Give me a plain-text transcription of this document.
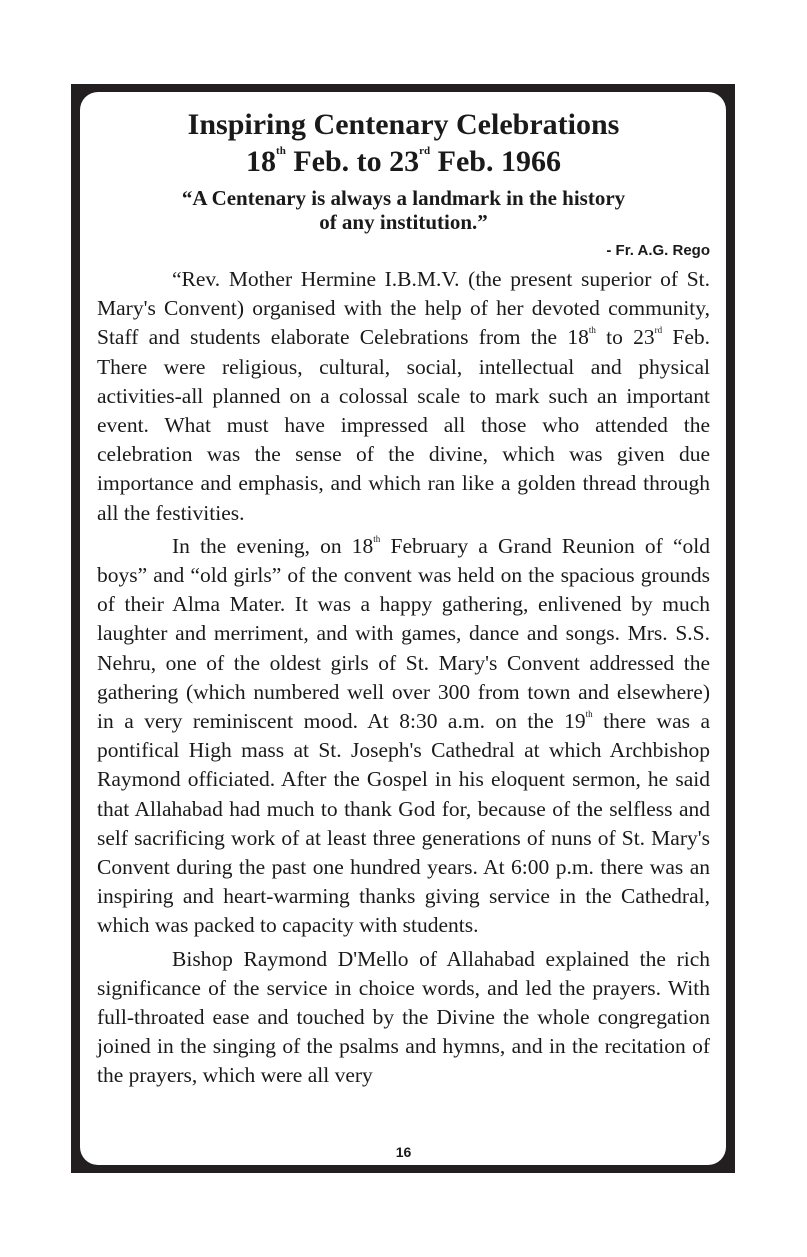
Inspiring Centenary Celebrations
18th Feb. to 23rd Feb. 1966

“A Centenary is always a landmark in the history
of any institution.”

- Fr. A.G. Rego

“Rev. Mother Hermine I.B.M.V. (the present superior of St. Mary's Convent) organised with the help of her devoted community, Staff and students elaborate Celebrations from the 18th to 23rd Feb. There were religious, cultural, social, intellectual and physical activities-all planned on a colossal scale to mark such an important event. What must have impressed all those who attended the celebration was the sense of the divine, which was given due importance and emphasis, and which ran like a golden thread through all the festivities.

In the evening, on 18th February a Grand Reunion of “old boys” and “old girls” of the convent was held on the spacious grounds of their Alma Mater. It was a happy gathering, enlivened by much laughter and merriment, and with games, dance and songs. Mrs. S.S. Nehru, one of the oldest girls of St. Mary's Convent addressed the gathering (which numbered well over 300 from town and elsewhere) in a very reminiscent mood. At 8:30 a.m. on the 19th there was a pontifical High mass at St. Joseph's Cathedral at which Archbishop Raymond officiated. After the Gospel in his eloquent sermon, he said that Allahabad had much to thank God for, because of the selfless and self sacrificing work of at least three generations of nuns of St. Mary's Convent during the past one hundred years. At 6:00 p.m. there was an inspiring and heart-warming thanks giving service in the Cathedral, which was packed to capacity with students.

Bishop Raymond D'Mello of Allahabad explained the rich significance of the service in choice words, and led the prayers. With full-throated ease and touched by the Divine the whole congregation joined in the singing of the psalms and hymns, and in the recitation of the prayers, which were all very

16
